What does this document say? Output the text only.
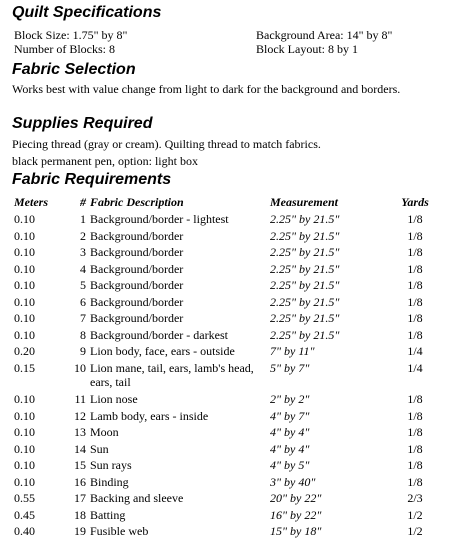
Quilt Specifications
Block Size: 1.75" by 8"
Number of Blocks: 8
Background Area: 14" by 8"
Block Layout: 8 by 1
Fabric Selection
Works best with value change from light to dark for the background and borders.
Supplies Required
Piecing thread (gray or cream). Quilting thread to match fabrics.
black permanent pen, option: light box
Fabric Requirements
Meters	# Fabric Description	Measurement	Yards
0.10	1 Background/border - lightest	2.25" by 21.5"	1/8
0.10	2 Background/border	2.25" by 21.5"	1/8
0.10	3 Background/border	2.25" by 21.5"	1/8
0.10	4 Background/border	2.25" by 21.5"	1/8
0.10	5 Background/border	2.25" by 21.5"	1/8
0.10	6 Background/border	2.25" by 21.5"	1/8
0.10	7 Background/border	2.25" by 21.5"	1/8
0.10	8 Background/border - darkest	2.25" by 21.5"	1/8
0.20	9 Lion body, face, ears - outside	7" by 11"	1/4
0.15	10 Lion mane, tail, ears, lamb's head, 5" by 7"	1/4
ears, tail
0.10	11 Lion nose	2" by 2"	1/8
0.10	12 Lamb body, ears - inside	4" by 7"	1/8
0.10	13 Moon	4" by 4"	1/8
0.10	14 Sun	4" by 4"	1/8
0.10	15 Sun rays	4" by 5"	1/8
0.10	16 Binding	3" by 40"	1/8
0.55	17 Backing and sleeve	20" by 22"	2/3
0.45	18 Batting	16" by 22"	1/2
0.40	19 Fusible web	15" by 18"	1/2
